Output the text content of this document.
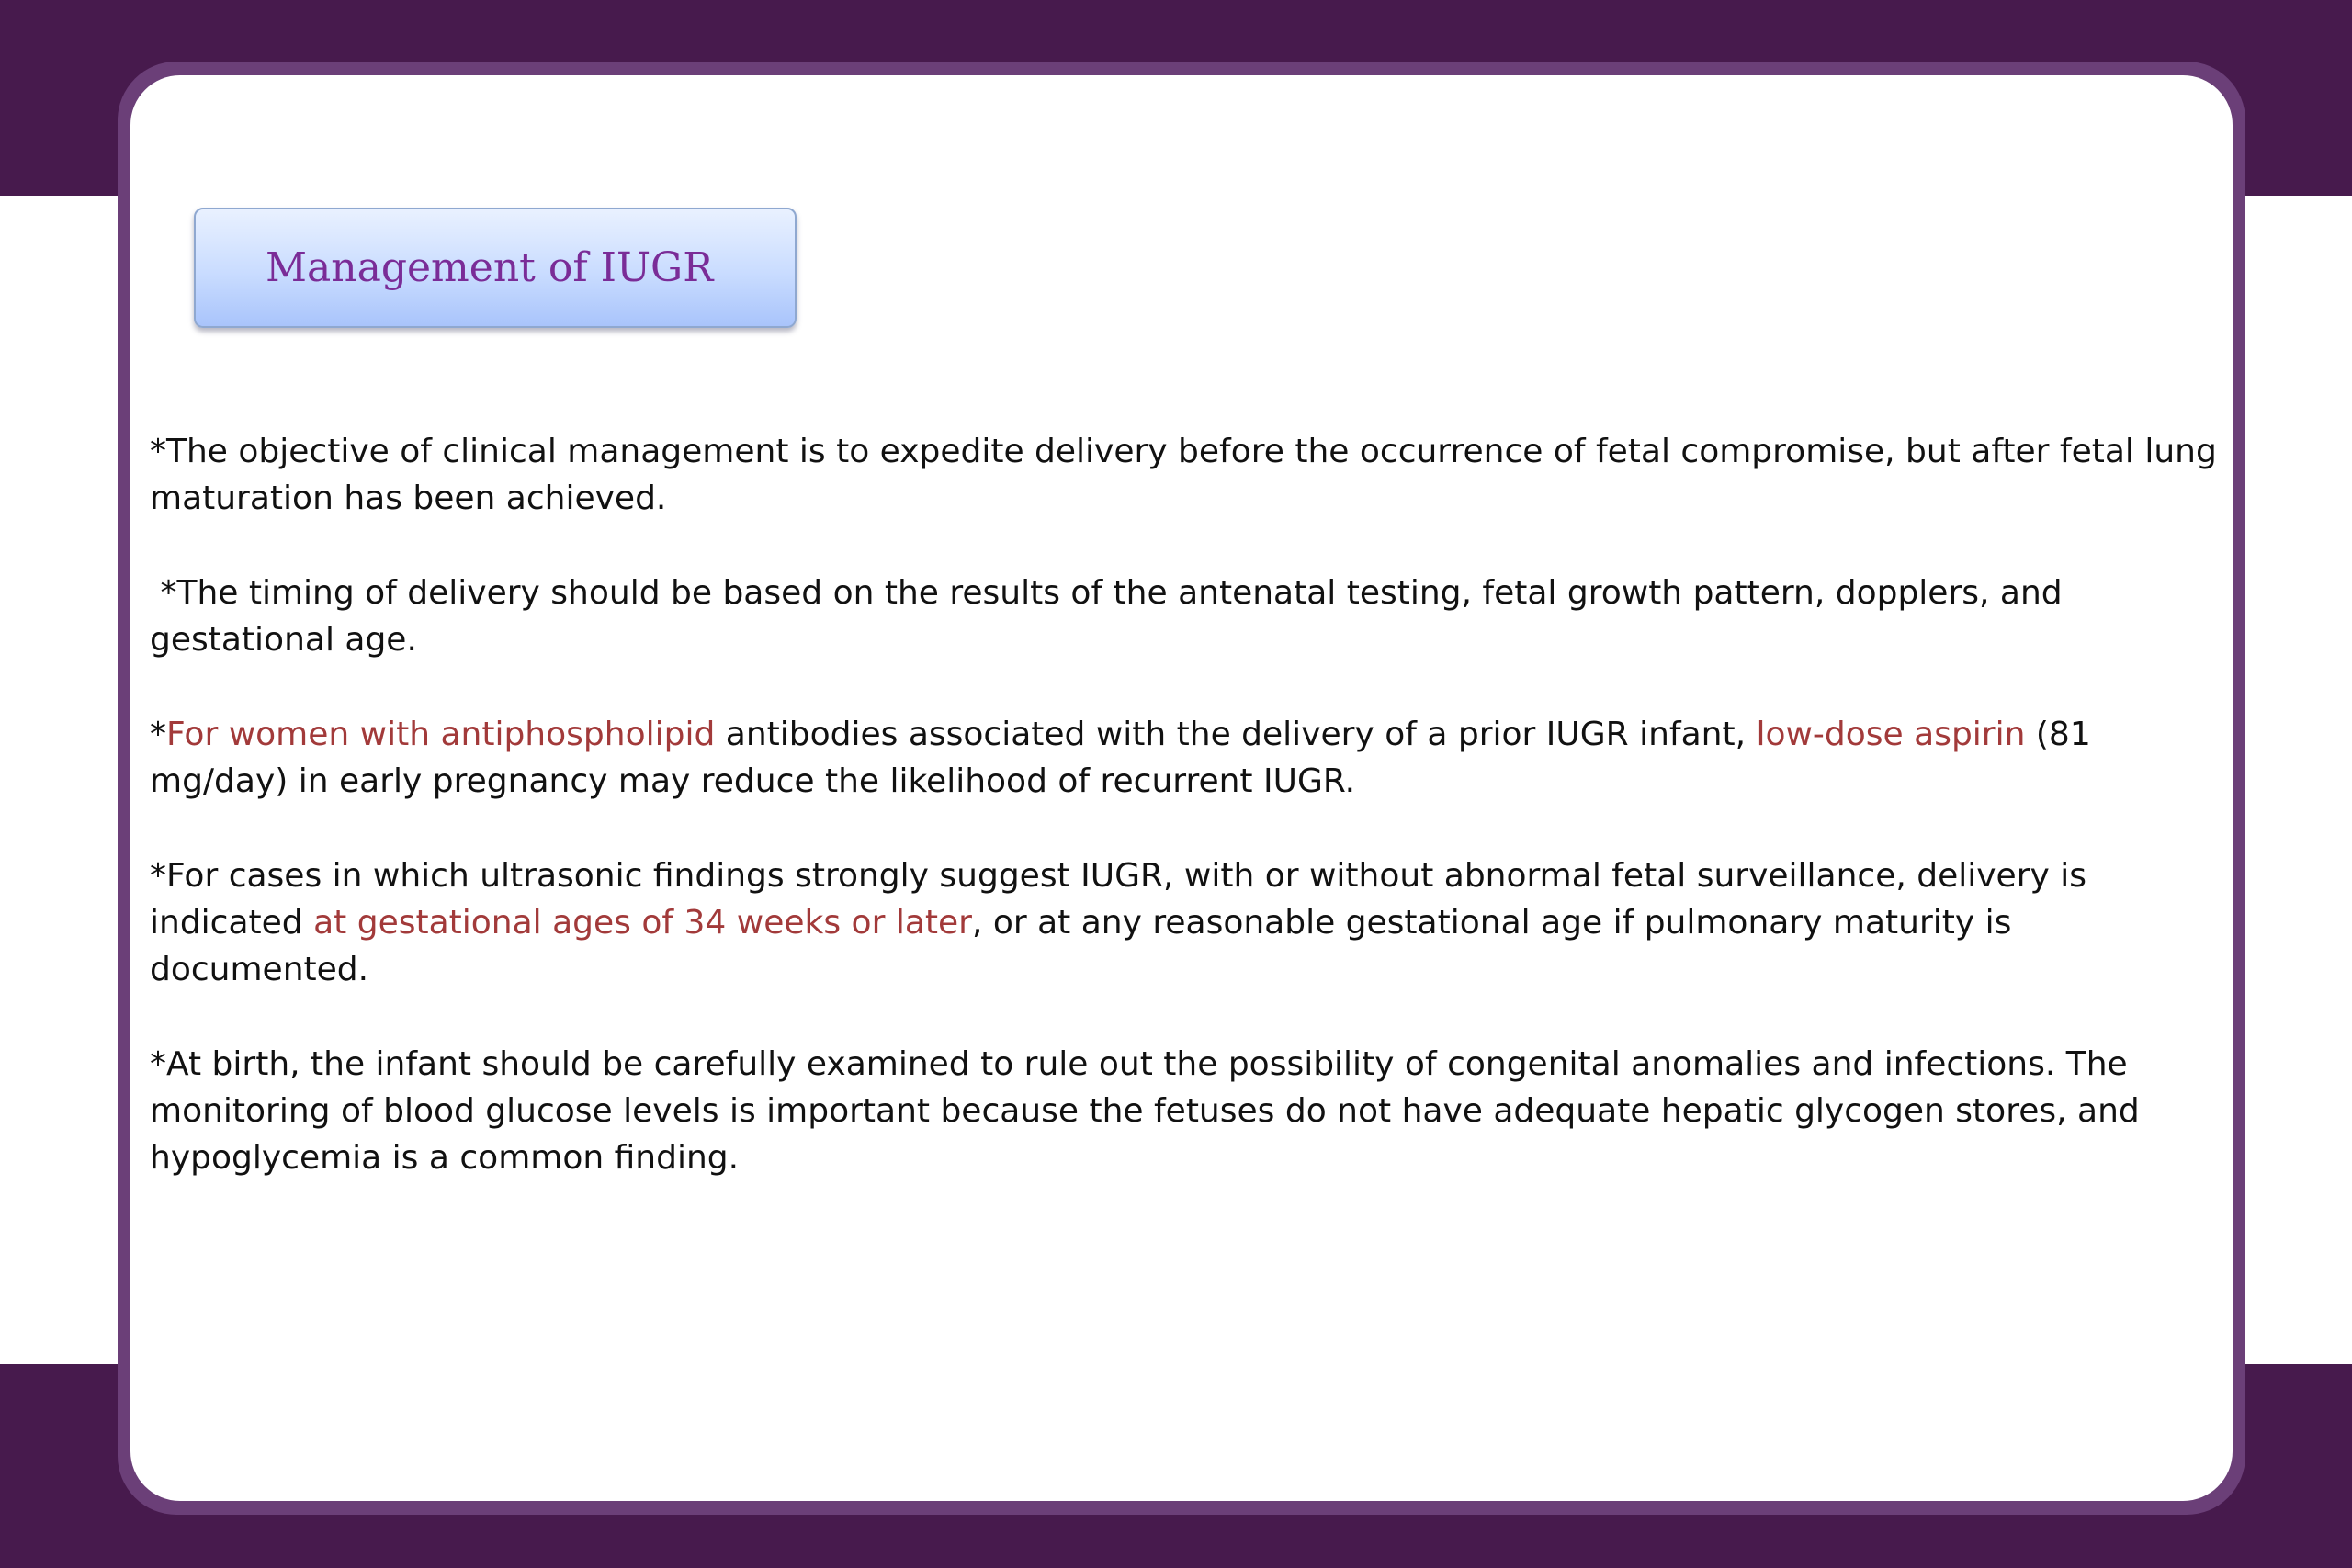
Management of IUGR

*The objective of clinical management is to expedite delivery before the occurrence of fetal compromise, but after fetal lung maturation has been achieved.

*The timing of delivery should be based on the results of the antenatal testing, fetal growth pattern, dopplers, and gestational age.

*For women with antiphospholipid antibodies associated with the delivery of a prior IUGR infant, low-dose aspirin (81 mg/day) in early pregnancy may reduce the likelihood of recurrent IUGR.

*For cases in which ultrasonic findings strongly suggest IUGR, with or without abnormal fetal surveillance, delivery is indicated at gestational ages of 34 weeks or later, or at any reasonable gestational age if pulmonary maturity is documented.

*At birth, the infant should be carefully examined to rule out the possibility of congenital anomalies and infections. The monitoring of blood glucose levels is important because the fetuses do not have adequate hepatic glycogen stores, and hypoglycemia is a common finding.
